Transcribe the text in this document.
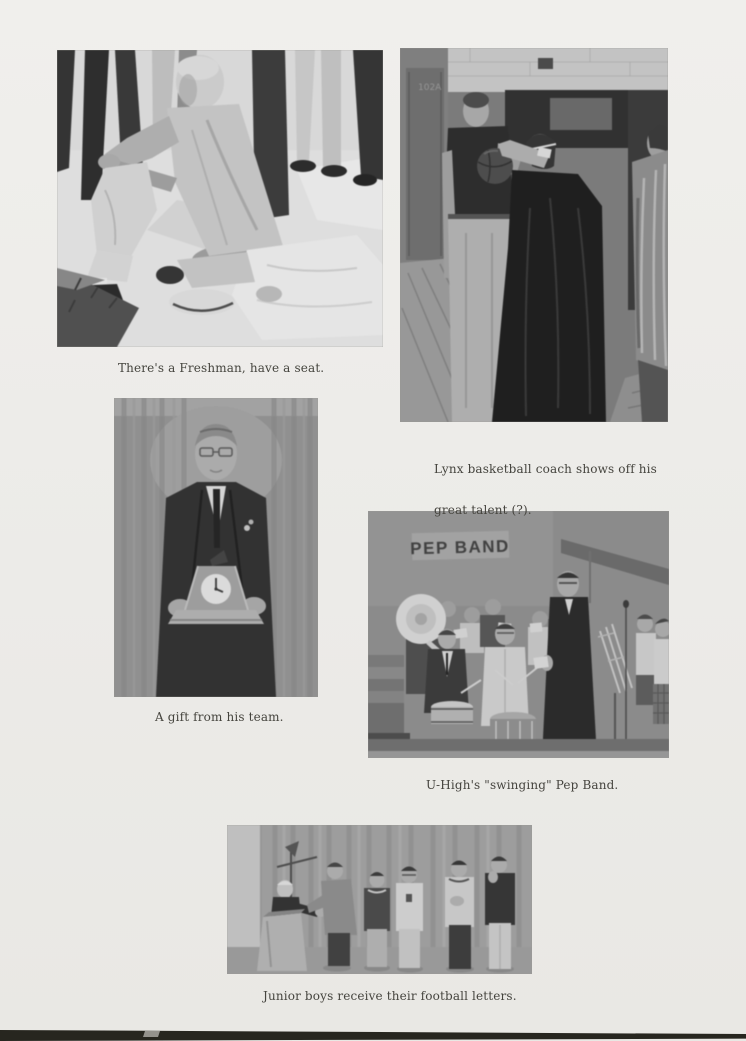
102A
PEP BAND
There's a Freshman, have a seat.

Lynx basketball coach shows off his

great talent (?).

A gift from his team.
U-High's "swinging" Pep Band.
Junior boys receive their football letters.
